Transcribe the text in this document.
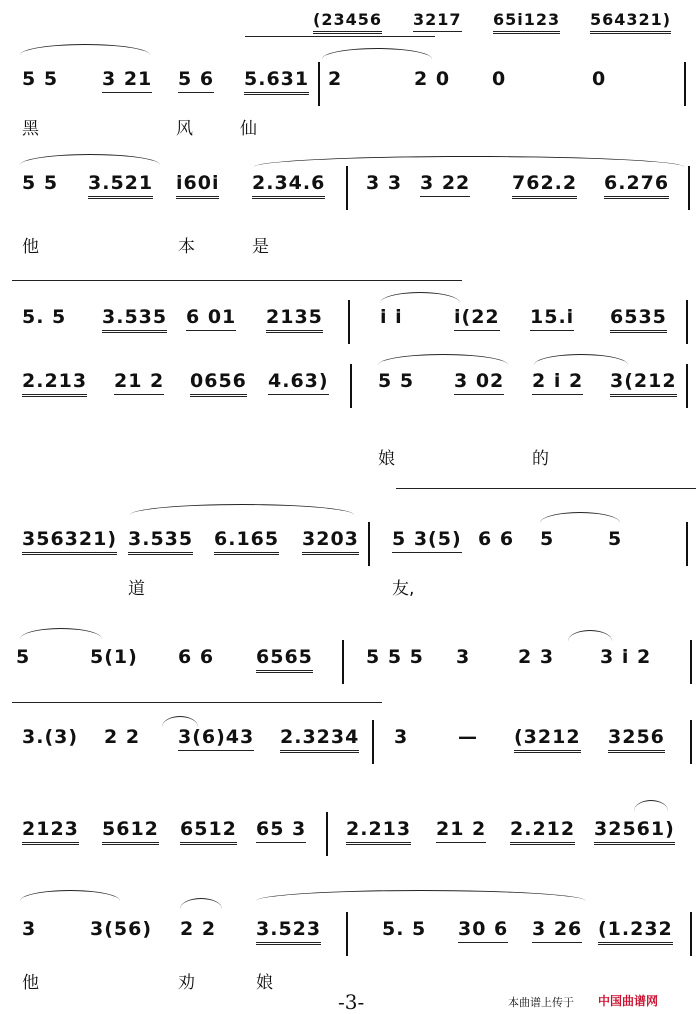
(23456 3217 65i123 564321)
5 5 3 21 5 6 5.631 2	2 0 0	0
黑	风	仙
5 5 3.521 i60i 2.34.6 3 3 3 22 762.2 6.276
他	本	是
5. 5 3.535 6 01 2135	i i	i(22 15.i 6535
2.213 21 2 0656 4.63)	5 5 3 02 2 i 2 3(212
娘	的
356321) 3.535 6.165 3203 5 3(5) 6 6 5	5
道	友,
5	5(1) 6 6 6565	5 5 5 3	2 3 3 i 2
3.(3) 2 2 3(6)43 2.3234 3	— (3212 3256
2123 5612 6512 65 3 2.213 21 2 2.212 32561)
3	3(56) 2 2 3.523	5. 5 30 6 3 26 (1.232
他	劝	娘
-3-	本曲谱上传于 中国曲谱网
